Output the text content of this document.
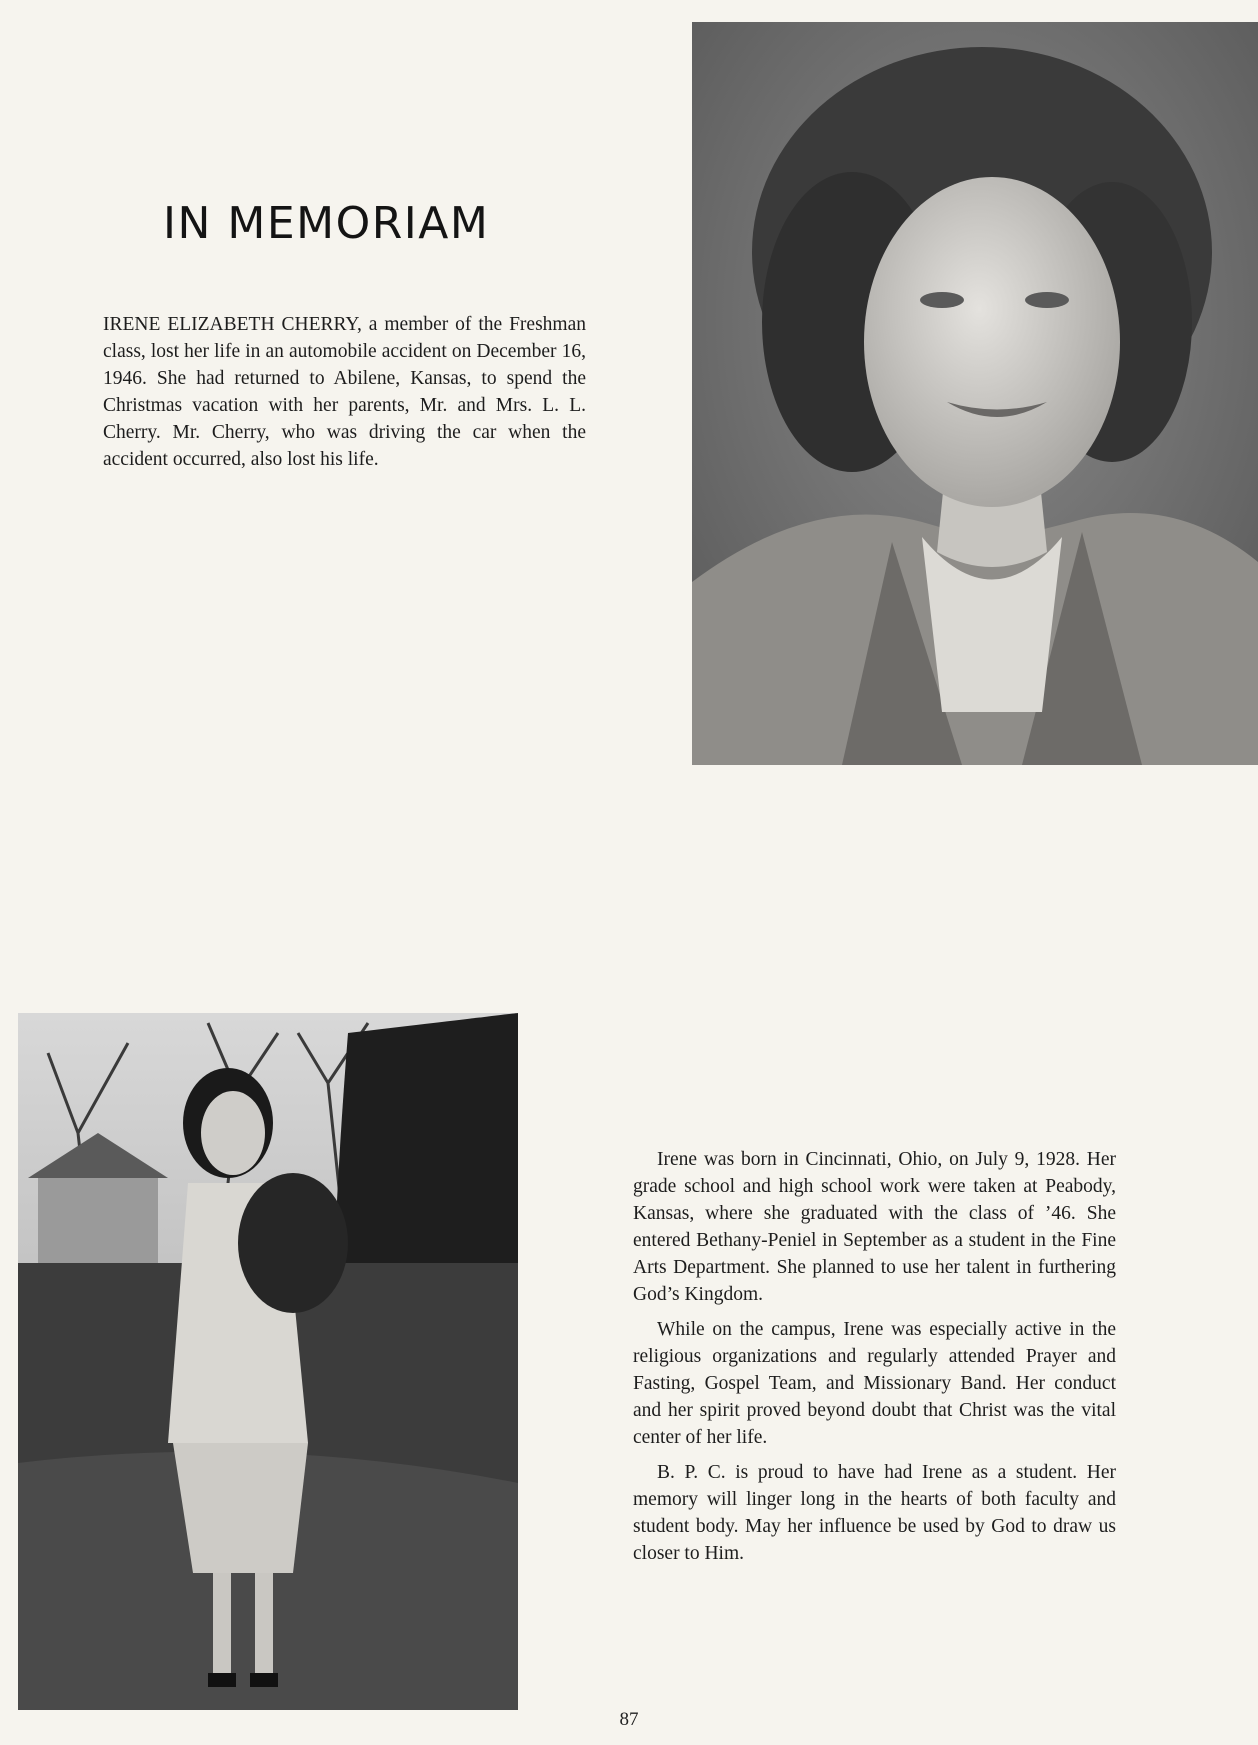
IN MEMORIAM

IRENE ELIZABETH CHERRY, a member of the Freshman class, lost her life in an automobile accident on December 16, 1946. She had returned to Abilene, Kansas, to spend the Christmas vacation with her parents, Mr. and Mrs. L. L. Cherry. Mr. Cherry, who was driving the car when the accident occurred, also lost his life.

Irene was born in Cincinnati, Ohio, on July 9, 1928. Her grade school and high school work were taken at Peabody, Kansas, where she graduated with the class of ’46. She entered Bethany-Peniel in September as a student in the Fine Arts Department. She planned to use her talent in furthering God’s Kingdom.

While on the campus, Irene was especially active in the religious organizations and regularly attended Prayer and Fasting, Gospel Team, and Missionary Band. Her conduct and her spirit proved beyond doubt that Christ was the vital center of her life.

B. P. C. is proud to have had Irene as a student. Her memory will linger long in the hearts of both faculty and student body. May her influence be used by God to draw us closer to Him.

87
